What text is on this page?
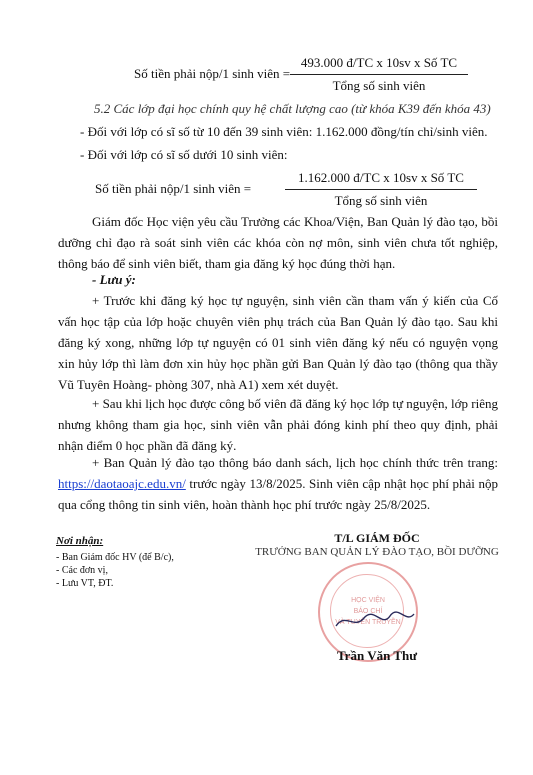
Số tiền phải nộp/1 sinh viên =
493.000 đ/TC x 10sv x Số TC
Tổng số sinh viên
5.2 Các lớp đại học chính quy hệ chất lượng cao (từ khóa K39 đến khóa 43)
- Đối với lớp có sĩ số từ 10 đến 39 sinh viên: 1.162.000 đồng/tín chỉ/sinh viên.
- Đối với lớp có sĩ số dưới 10 sinh viên:
Số tiền phải nộp/1 sinh viên =
1.162.000 đ/TC x 10sv x Số TC
Tổng số sinh viên
Giám đốc Học viện yêu cầu Trưởng các Khoa/Viện, Ban Quản lý đào tạo, bồi dưỡng chỉ đạo rà soát sinh viên các khóa còn nợ môn, sinh viên chưa tốt nghiệp, thông báo để sinh viên biết, tham gia đăng ký học đúng thời hạn.
- Lưu ý:
+ Trước khi đăng ký học tự nguyện, sinh viên cần tham vấn ý kiến của Cố vấn học tập của lớp hoặc chuyên viên phụ trách của Ban Quản lý đào tạo. Sau khi đăng ký xong, những lớp tự nguyện có 01 sinh viên đăng ký nếu có nguyện vọng xin hủy lớp thì làm đơn xin hủy học phần gửi Ban Quản lý đào tạo (thông qua thầy Vũ Tuyên Hoàng- phòng 307, nhà A1) xem xét duyệt.
+ Sau khi lịch học được công bố viên đã đăng ký học lớp tự nguyện, lớp riêng nhưng không tham gia học, sinh viên vẫn phải đóng kinh phí theo quy định, phải nhận điểm 0 học phần đã đăng ký.
+ Ban Quản lý đào tạo thông báo danh sách, lịch học chính thức trên trang: https://daotaoajc.edu.vn/ trước ngày 13/8/2025. Sinh viên cập nhật học phí phải nộp qua cổng thông tin sinh viên, hoàn thành học phí trước ngày 25/8/2025.
Nơi nhận:
- Ban Giám đốc HV (để B/c),
- Các đơn vị,
- Lưu VT, ĐT.
T/L GIÁM ĐỐC
TRƯỞNG BAN QUẢN LÝ ĐÀO TẠO, BỒI DƯỠNG
HỌC VIỆN
BÁO CHÍ
VÀ TUYÊN TRUYỀN
Trần Văn Thư
